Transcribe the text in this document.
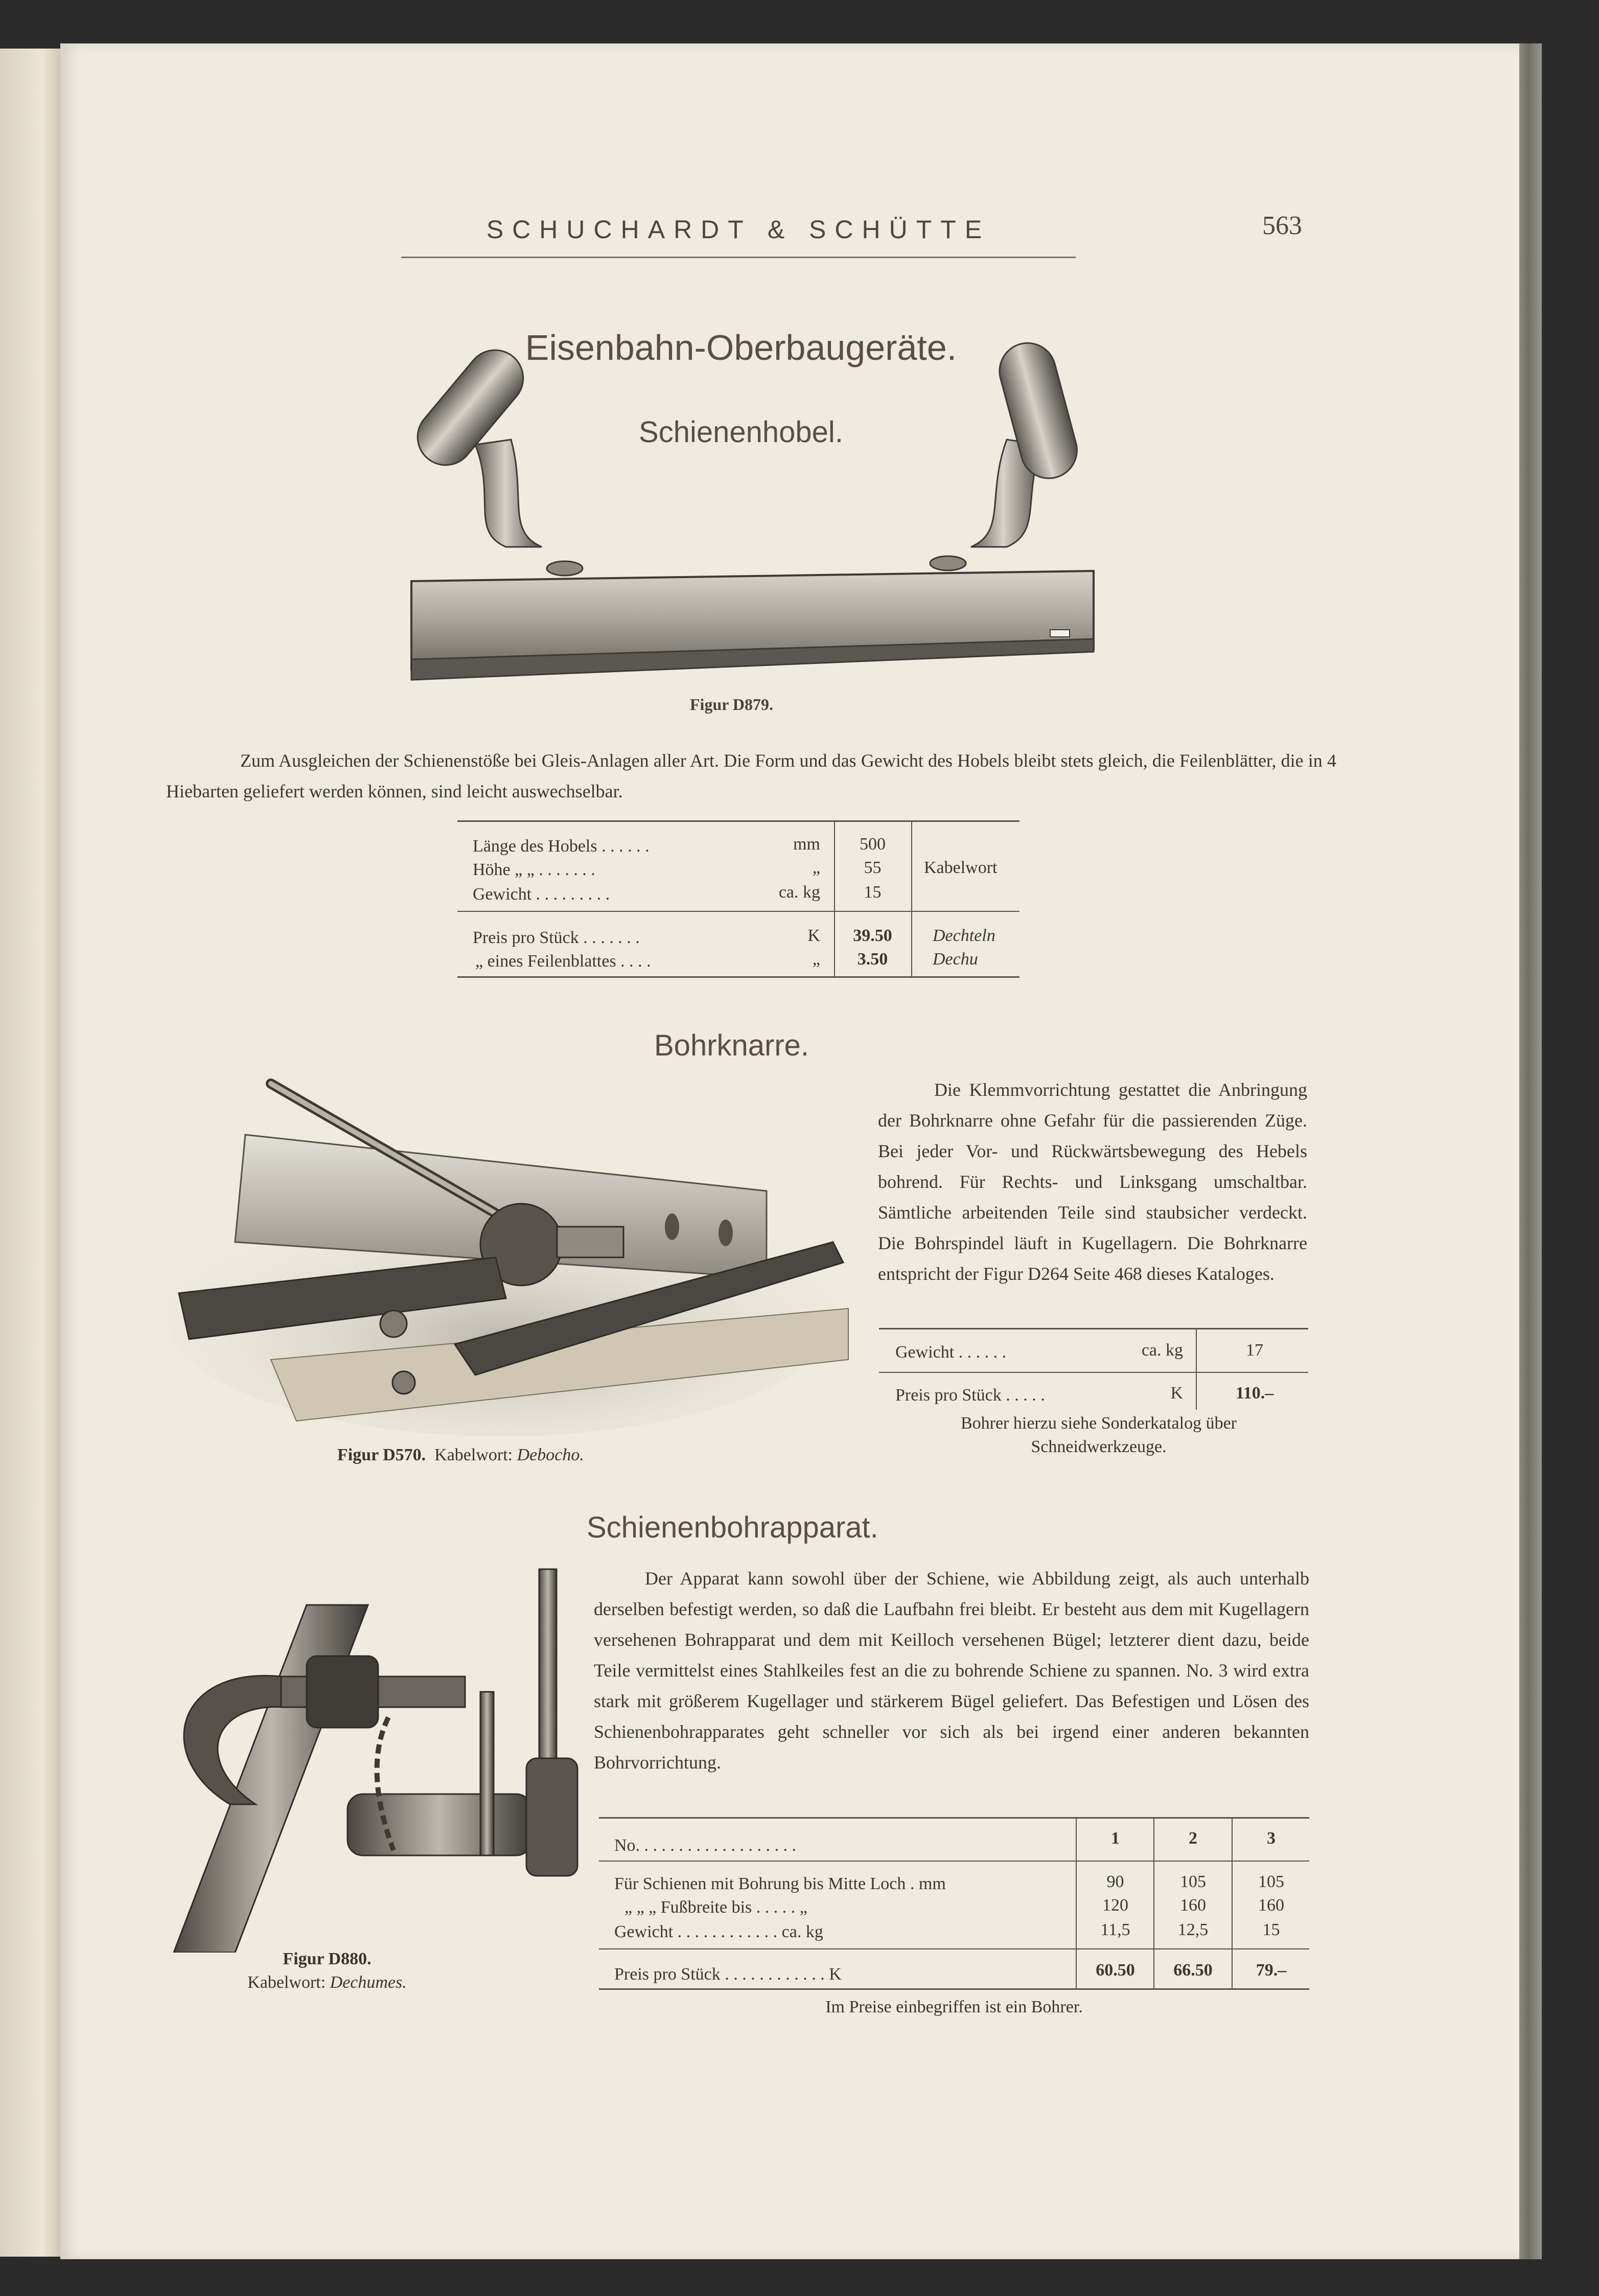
SCHUCHARDT & SCHÜTTE	563
Eisenbahn-Oberbaugeräte.
Schienenhobel.
Figur D879.
Zum Ausgleichen der Schienenstöße bei Gleis-Anlagen aller Art. Die Form und das Gewicht des Hobels bleibt stets gleich, die Feilenblätter, die in 4 Hiebarten geliefert werden können, sind leicht auswechselbar.
Länge des Hobels . . . . . .	mm	500
Höhe „ „ . . . . . . .	„	55
Gewicht . . . . . . . . .	ca. kg	15
Kabelwort
Preis pro Stück . . . . . . .	K	39.50	Dechteln
„ eines Feilenblattes . . . .	„	3.50	Dechu
Bohrknarre.
Figur D570. Kabelwort: Debocho.
Die Klemmvorrichtung gestattet die Anbringung der Bohrknarre ohne Gefahr für die passierenden Züge. Bei jeder Vor- und Rückwärtsbewegung des Hebels bohrend. Für Rechts- und Linksgang umschaltbar. Sämtliche arbeitenden Teile sind staubsicher verdeckt. Die Bohrspindel läuft in Kugellagern. Die Bohrknarre entspricht der Figur D264 Seite 468 dieses Kataloges.
Gewicht . . . . . .	ca. kg	17
Preis pro Stück . . . . .	K	110.–
Bohrer hierzu siehe Sonderkatalog über Schneidwerkzeuge.
Schienenbohrapparat.
Figur D880.
Kabelwort: Dechumes.
Der Apparat kann sowohl über der Schiene, wie Abbildung zeigt, als auch unterhalb derselben befestigt werden, so daß die Laufbahn frei bleibt. Er besteht aus dem mit Kugellagern versehenen Bohrapparat und dem mit Keilloch versehenen Bügel; letzterer dient dazu, beide Teile vermittelst eines Stahlkeiles fest an die zu bohrende Schiene zu spannen. No. 3 wird extra stark mit größerem Kugellager und stärkerem Bügel geliefert. Das Befestigen und Lösen des Schienenbohrapparates geht schneller vor sich als bei irgend einer anderen bekannten Bohrvorrichtung.
No. . . . . . . . . . . . . . . . . . .	1	2	3
Für Schienen mit Bohrung bis Mitte Loch . mm	90	105	105
„ „ „ Fußbreite bis . . . . . „	120	160	160
Gewicht . . . . . . . . . . . . ca. kg	11,5	12,5	15
Preis pro Stück . . . . . . . . . . . . K	60.50	66.50	79.–
Im Preise einbegriffen ist ein Bohrer.
